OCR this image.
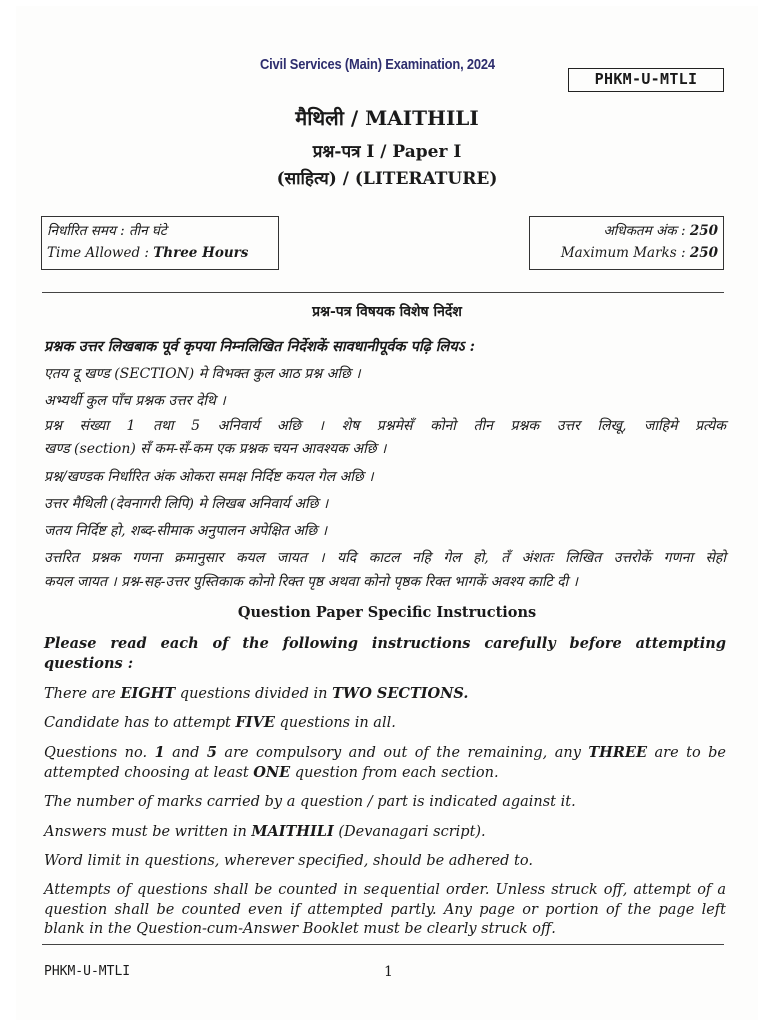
Civil Services (Main) Examination, 2024
PHKM-U-MTLI
मैथिली / MAITHILI
प्रश्न-पत्र I / Paper I
(साहित्य) / (LITERATURE)
निर्धारित समय : तीन घंटे
Time Allowed : Three Hours
अधिकतम अंक : 250
Maximum Marks : 250
प्रश्न-पत्र विषयक विशेष निर्देश
प्रश्नक उत्तर लिखबाक पूर्व कृपया निम्नलिखित निर्देशकें सावधानीपूर्वक पढ़ि लियऽ :
एतय दू खण्ड (SECTION) मे विभक्त कुल आठ प्रश्न अछि ।
अभ्यर्थी कुल पाँच प्रश्नक उत्तर देथि ।
प्रश्न संख्या 1 तथा 5 अनिवार्य अछि । शेष प्रश्नमेसँ कोनो तीन प्रश्नक उत्तर लिखू, जाहिमे प्रत्येक
खण्ड (section) सँ कम-सँ-कम एक प्रश्नक चयन आवश्यक अछि ।
प्रश्न/खण्डक निर्धारित अंक ओकरा समक्ष निर्दिष्ट कयल गेल अछि ।
उत्तर मैथिली (देवनागरी लिपि) मे लिखब अनिवार्य अछि ।
जतय निर्दिष्ट हो, शब्द-सीमाक अनुपालन अपेक्षित अछि ।
उत्तरित प्रश्नक गणना क्रमानुसार कयल जायत । यदि काटल नहि गेल हो, तँ अंशतः लिखित उत्तरोकें गणना सेहो
कयल जायत । प्रश्न-सह-उत्तर पुस्तिकाक कोनो रिक्त पृष्ठ अथवा कोनो पृष्ठक रिक्त भागकें अवश्य काटि दी ।
Question Paper Specific Instructions
Please read each of the following instructions carefully before attempting
questions :
There are EIGHT questions divided in TWO SECTIONS.
Candidate has to attempt FIVE questions in all.
Questions no. 1 and 5 are compulsory and out of the remaining, any THREE are to be
attempted choosing at least ONE question from each section.
The number of marks carried by a question / part is indicated against it.
Answers must be written in MAITHILI (Devanagari script).
Word limit in questions, wherever specified, should be adhered to.
Attempts of questions shall be counted in sequential order. Unless struck off, attempt of a
question shall be counted even if attempted partly. Any page or portion of the page left
blank in the Question-cum-Answer Booklet must be clearly struck off.
PHKM-U-MTLI	1
